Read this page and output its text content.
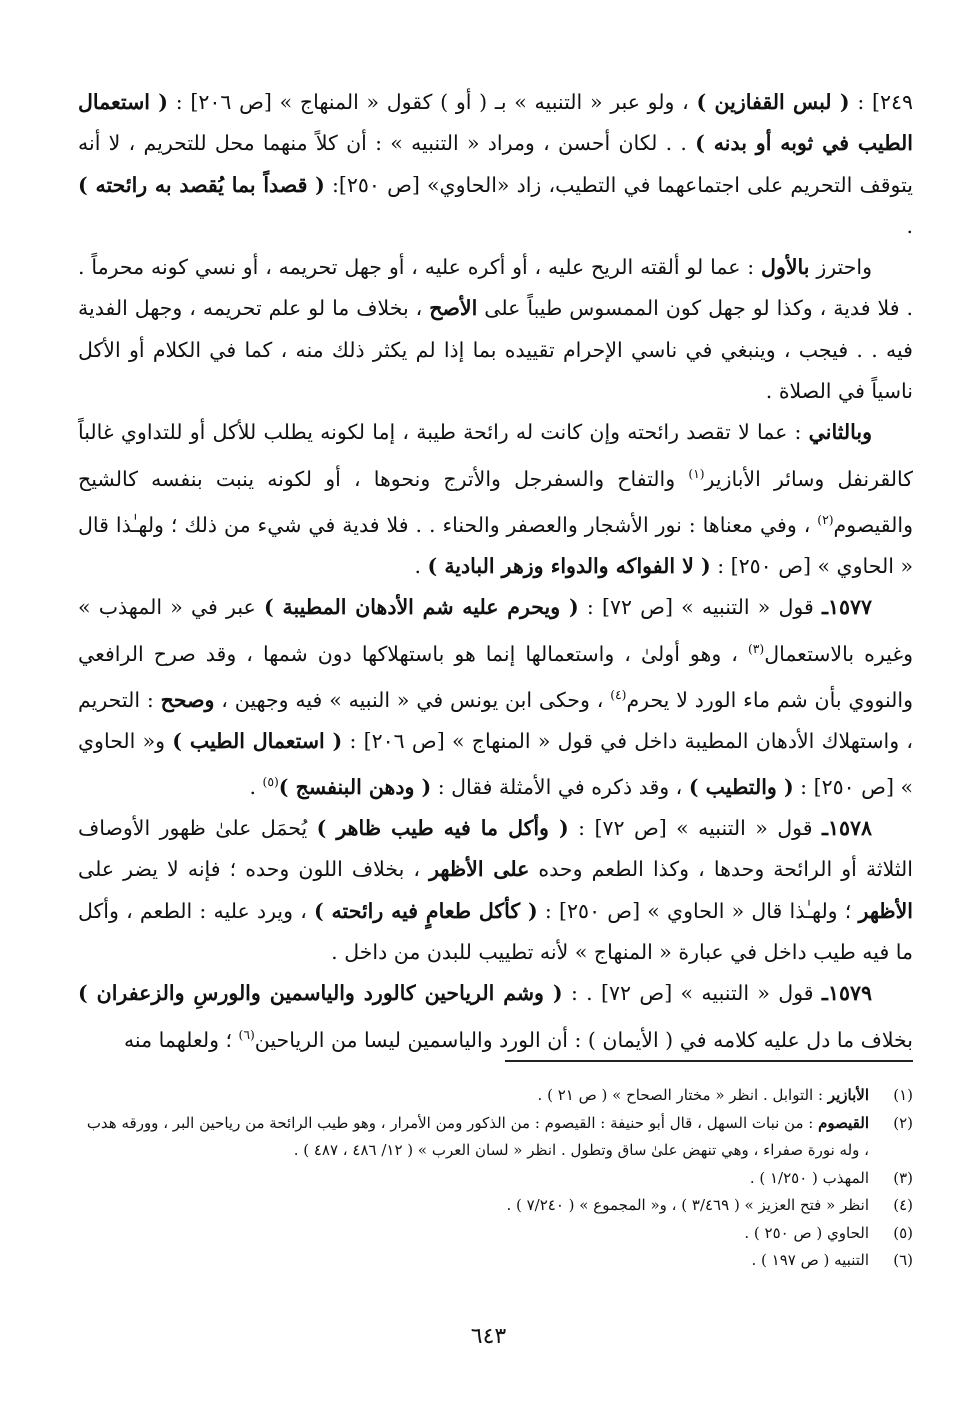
٢٤٩] : ( لبس القفازين ) ، ولو عبر « التنبيه » بـ ( أو ) كقول « المنهاج » [ص ٢٠٦] : ( استعمال الطيب في ثوبه أو بدنه ) . . لكان أحسن ، ومراد « التنبيه » : أن كلاً منهما محل للتحريم ، لا أنه يتوقف التحريم على اجتماعهما في التطيب، زاد «الحاوي» [ص ٢٥٠]: ( قصداً بما يُقصد به رائحته ) .

واحترز بالأول : عما لو ألقته الريح عليه ، أو أكره عليه ، أو جهل تحريمه ، أو نسي كونه محرماً . . فلا فدية ، وكذا لو جهل كون الممسوس طيباً على الأصح ، بخلاف ما لو علم تحريمه ، وجهل الفدية فيه . . فيجب ، وينبغي في ناسي الإحرام تقييده بما إذا لم يكثر ذلك منه ، كما في الكلام أو الأكل ناسياً في الصلاة .

وبالثاني : عما لا تقصد رائحته وإن كانت له رائحة طيبة ، إما لكونه يطلب للأكل أو للتداوي غالباً كالقرنفل وسائر الأبازير$^{(١)}$ والتفاح والسفرجل والأترج ونحوها ، أو لكونه ينبت بنفسه كالشيح والقيصوم$^{(٢)}$ ، وفي معناها : نور الأشجار والعصفر والحناء . . فلا فدية في شيء من ذلك ؛ ولهـٰذا قال « الحاوي » [ص ٢٥٠] : ( لا الفواكه والدواء وزهر البادية ) .

١٥٧٧ـ قول « التنبيه » [ص ٧٢] : ( ويحرم عليه شم الأدهان المطيبة ) عبر في « المهذب » وغيره بالاستعمال$^{(٣)}$ ، وهو أولىٰ ، واستعمالها إنما هو باستهلاكها دون شمها ، وقد صرح الرافعي والنووي بأن شم ماء الورد لا يحرم$^{(٤)}$ ، وحكى ابن يونس في « النبيه » فيه وجهين ، وصحح : التحريم ، واستهلاك الأدهان المطيبة داخل في قول « المنهاج » [ص ٢٠٦] : ( استعمال الطيب ) و« الحاوي » [ص ٢٥٠] : ( والتطيب ) ، وقد ذكره في الأمثلة فقال : ( ودهن البنفسج )$^{(٥)}$ .

١٥٧٨ـ قول « التنبيه » [ص ٧٢] : ( وأكل ما فيه طيب ظاهر ) يُحمَل علىٰ ظهور الأوصاف الثلاثة أو الرائحة وحدها ، وكذا الطعم وحده على الأظهر ، بخلاف اللون وحده ؛ فإنه لا يضر على الأظهر ؛ ولهـٰذا قال « الحاوي » [ص ٢٥٠] : ( كأكل طعامٍ فيه رائحته ) ، ويرد عليه : الطعم ، وأكل ما فيه طيب داخل في عبارة « المنهاج » لأنه تطييب للبدن من داخل .

١٥٧٩ـ قول « التنبيه » [ص ٧٢] . : ( وشم الرياحين كالورد والياسمين والورسِ والزعفران ) بخلاف ما دل عليه كلامه في ( الأيمان ) : أن الورد والياسمين ليسا من الرياحين$^{(٦)}$ ؛ ولعلهما منه

(١)
الأبازير : التوابل . انظر « مختار الصحاح » ( ص ٢١ ) .
(٢)
القيصوم : من نبات السهل ، قال أبو حنيفة : القيصوم : من الذكور ومن الأمرار ، وهو طيب الرائحة من رياحين البر ، وورقه هدب ، وله نورة صفراء ، وهي تنهض علىٰ ساق وتطول . انظر « لسان العرب » ( ١٢/ ٤٨٦ ، ٤٨٧ ) .
(٣)
المهذب ( ١/٢٥٠ ) .
(٤)
انظر « فتح العزيز » ( ٣/٤٦٩ ) ، و« المجموع » ( ٧/٢٤٠ ) .
(٥)
الحاوي ( ص ٢٥٠ ) .
(٦)
التنبيه ( ص ١٩٧ ) .
٦٤٣
